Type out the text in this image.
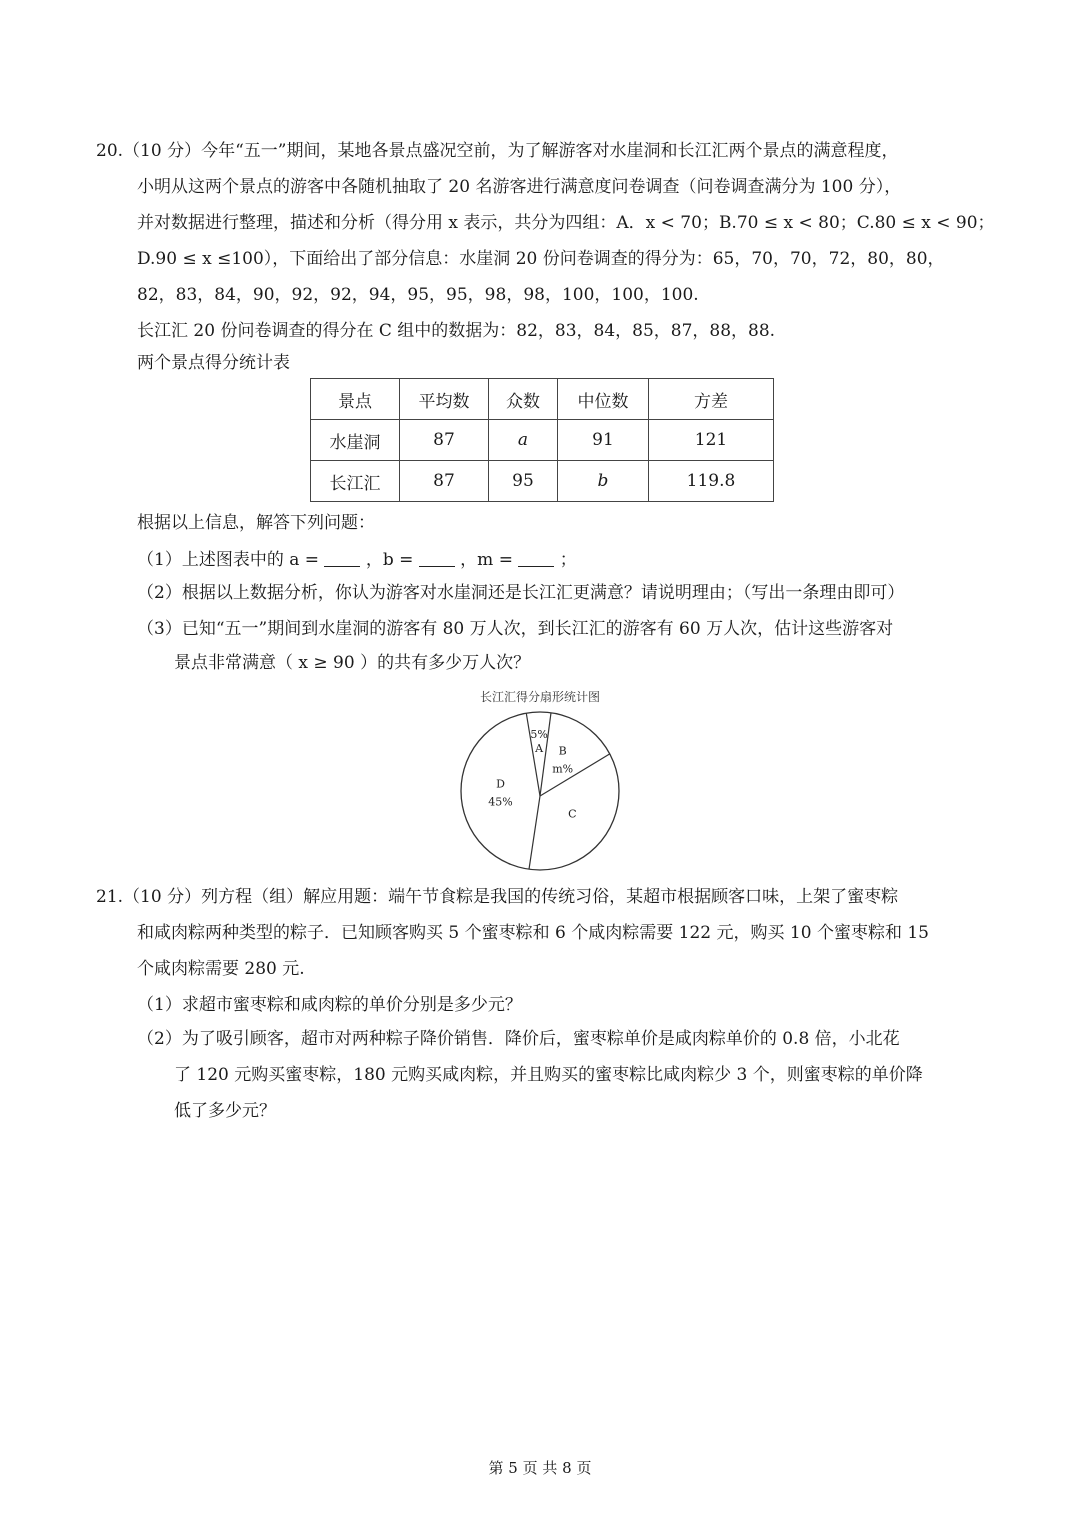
20.（10 分）今年“五一”期间，某地各景点盛况空前，为了解游客对水崖洞和长江汇两个景点的满意程度，
小明从这两个景点的游客中各随机抽取了 20 名游客进行满意度问卷调查（问卷调查满分为 100 分），
并对数据进行整理，描述和分析（得分用 x 表示，共分为四组：A．x < 70；B.70 ≤ x < 80；C.80 ≤ x < 90；
D.90 ≤ x ≤100），下面给出了部分信息：水崖洞 20 份问卷调查的得分为：65，70，70，72，80，80，
82，83，84，90，92，92，94，95，95，98，98，100，100，100.
长江汇 20 份问卷调查的得分在 C 组中的数据为：82，83，84，85，87，88，88.
两个景点得分统计表
景点	平均数	众数	中位数	方差
水崖洞	87	a	91	121
长江汇	87	95	b	119.8
根据以上信息，解答下列问题：
（1）上述图表中的 a =	，b =	，m =	；
（2）根据以上数据分析，你认为游客对水崖洞还是长江汇更满意？请说明理由；（写出一条理由即可）
（3）已知“五一”期间到水崖洞的游客有 80 万人次，到长江汇的游客有 60 万人次，估计这些游客对
景点非常满意（ x ≥ 90 ）的共有多少万人次？
长江汇得分扇形统计图
5%
A B
m%
C
D
45%
21.（10 分）列方程（组）解应用题：端午节食粽是我国的传统习俗，某超市根据顾客口味，上架了蜜枣粽
和咸肉粽两种类型的粽子．已知顾客购买 5 个蜜枣粽和 6 个咸肉粽需要 122 元，购买 10 个蜜枣粽和 15
个咸肉粽需要 280 元.
（1）求超市蜜枣粽和咸肉粽的单价分别是多少元？
（2）为了吸引顾客，超市对两种粽子降价销售．降价后，蜜枣粽单价是咸肉粽单价的 0.8 倍，小北花
了 120 元购买蜜枣粽，180 元购买咸肉粽，并且购买的蜜枣粽比咸肉粽少 3 个，则蜜枣粽的单价降
低了多少元？
第 5 页 共 8 页
